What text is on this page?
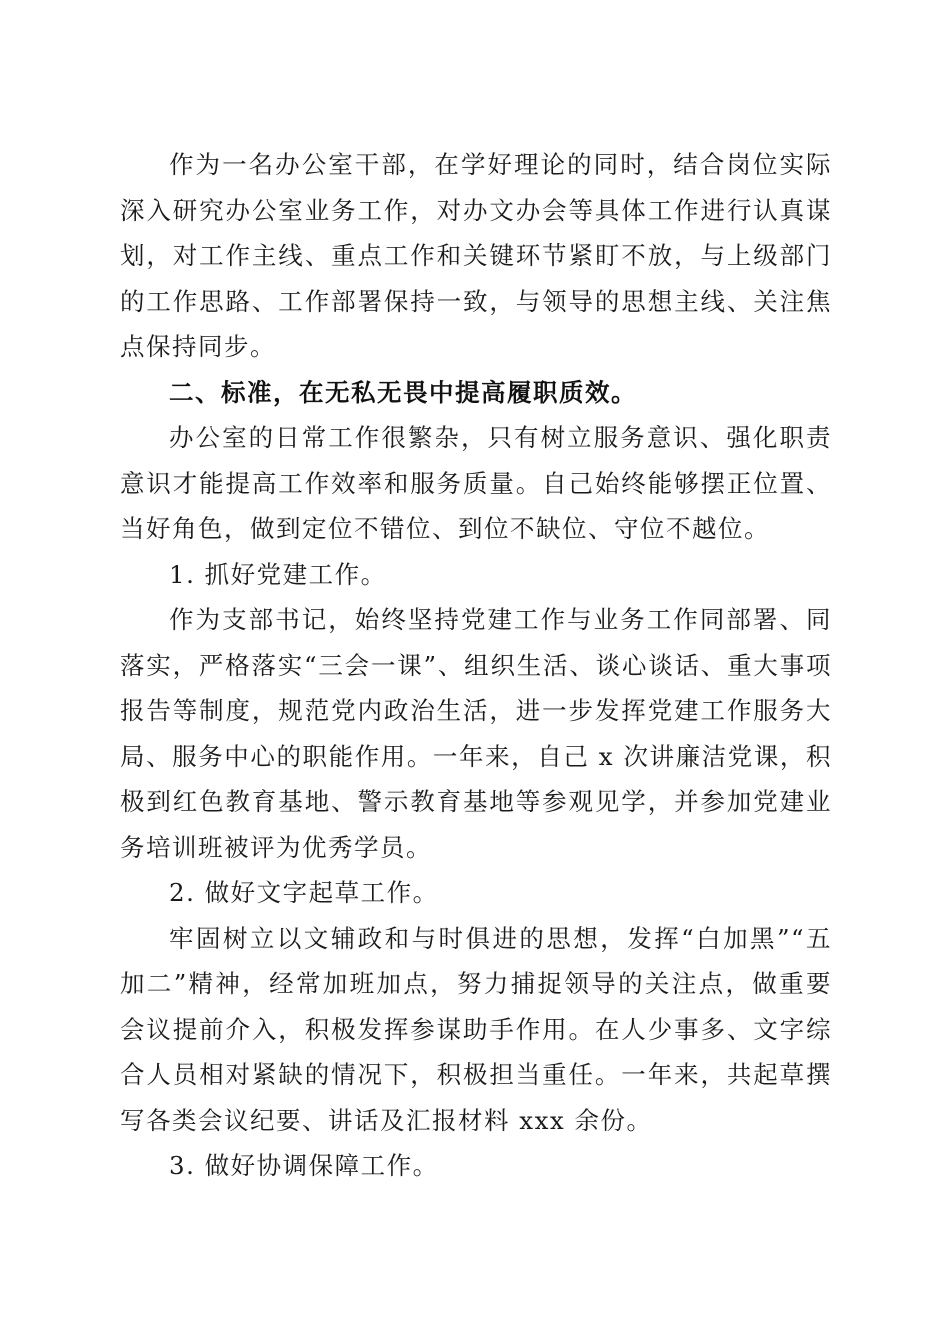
作为一名办公室干部，在学好理论的同时，结合岗位实际深入研究办公室业务工作，对办文办会等具体工作进行认真谋划，对工作主线、重点工作和关键环节紧盯不放，与上级部门的工作思路、工作部署保持一致，与领导的思想主线、关注焦点保持同步。

二、标准，在无私无畏中提高履职质效。

办公室的日常工作很繁杂，只有树立服务意识、强化职责意识才能提高工作效率和服务质量。自己始终能够摆正位置、当好角色，做到定位不错位、到位不缺位、守位不越位。

1. 抓好党建工作。

作为支部书记，始终坚持党建工作与业务工作同部署、同落实，严格落实“三会一课”、组织生活、谈心谈话、重大事项报告等制度，规范党内政治生活，进一步发挥党建工作服务大局、服务中心的职能作用。一年来，自己 x 次讲廉洁党课，积极到红色教育基地、警示教育基地等参观见学，并参加党建业务培训班被评为优秀学员。

2. 做好文字起草工作。

牢固树立以文辅政和与时俱进的思想，发挥“白加黑”“五加二”精神，经常加班加点，努力捕捉领导的关注点，做重要会议提前介入，积极发挥参谋助手作用。在人少事多、文字综合人员相对紧缺的情况下，积极担当重任。一年来，共起草撰写各类会议纪要、讲话及汇报材料 xxx 余份。

3. 做好协调保障工作。
